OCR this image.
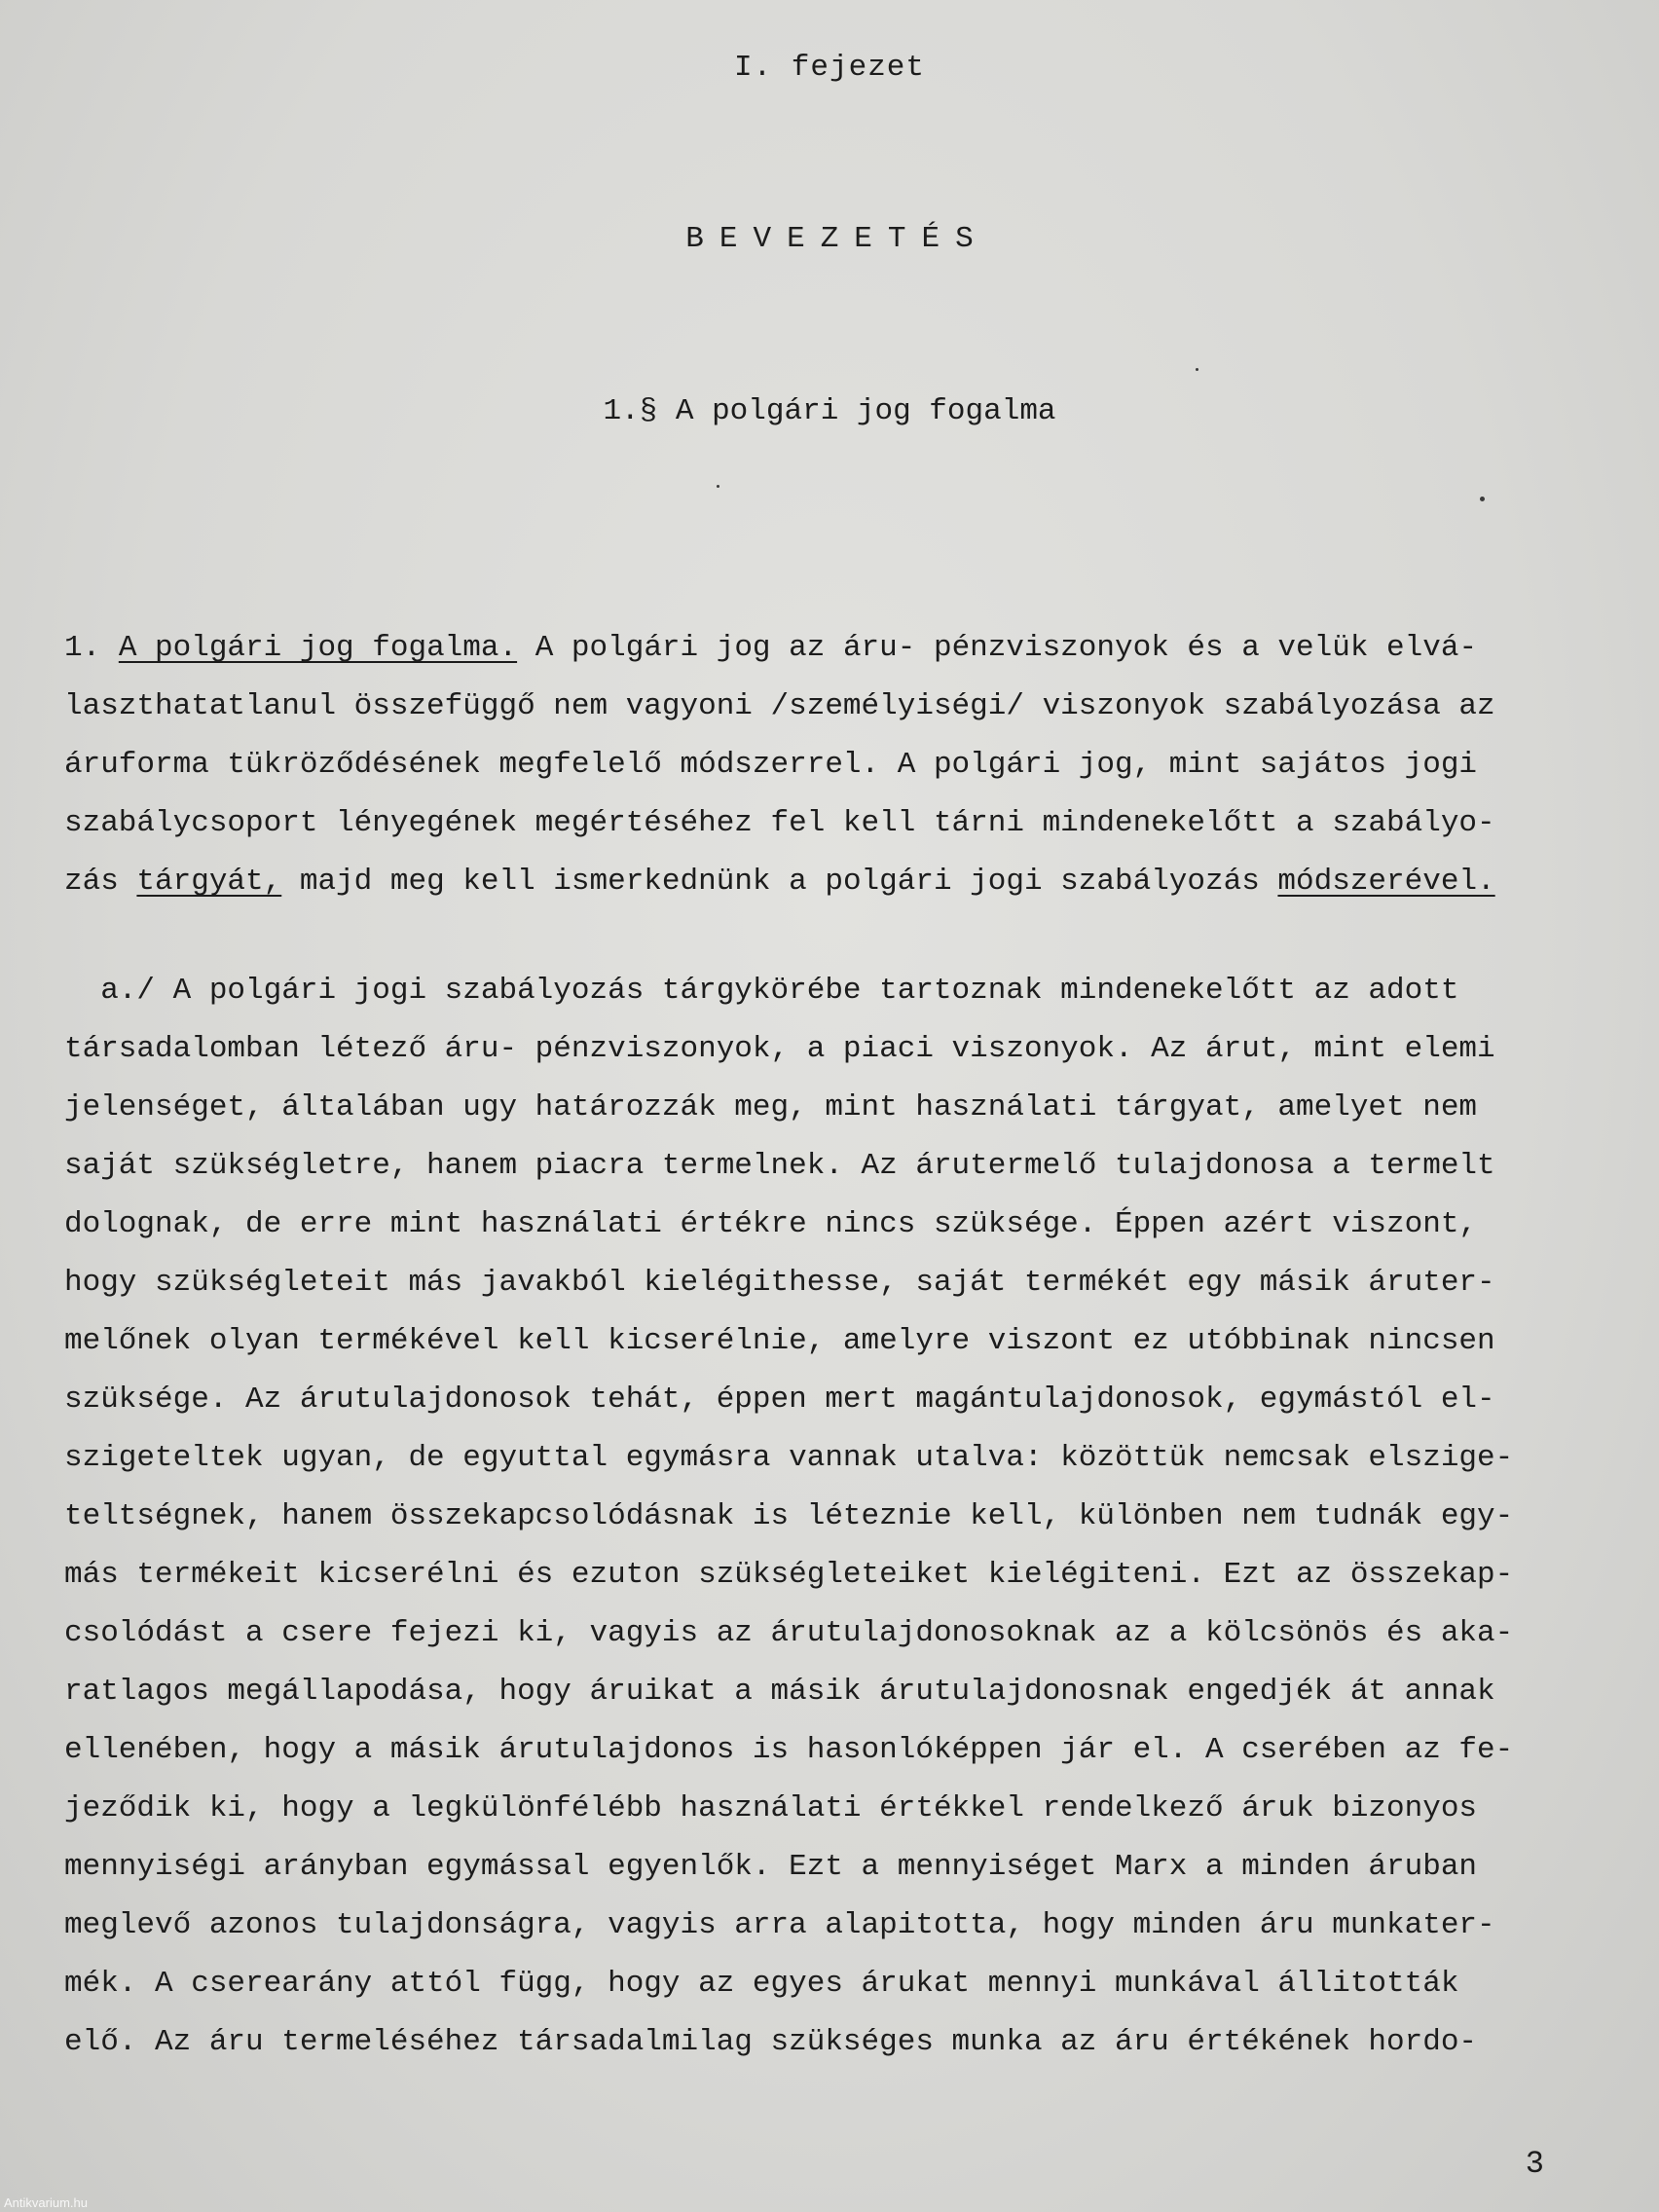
I. fejezet
BEVEZETÉS
1.§ A polgári jog fogalma
1. A polgári jog fogalma. A polgári jog az áru- pénzviszonyok és a velük elvá-
laszthatatlanul összefüggő nem vagyoni /személyiségi/ viszonyok szabályozása az
áruforma tükröződésének megfelelő módszerrel. A polgári jog, mint sajátos jogi
szabálycsoport lényegének megértéséhez fel kell tárni mindenekelőtt a szabályo-
zás tárgyát, majd meg kell ismerkednünk a polgári jogi szabályozás módszerével.
a./ A polgári jogi szabályozás tárgykörébe tartoznak mindenekelőtt az adott
társadalomban létező áru- pénzviszonyok, a piaci viszonyok. Az árut, mint elemi
jelenséget, általában ugy határozzák meg, mint használati tárgyat, amelyet nem
saját szükségletre, hanem piacra termelnek. Az árutermelő tulajdonosa a termelt
dolognak, de erre mint használati értékre nincs szüksége. Éppen azért viszont,
hogy szükségleteit más javakból kielégithesse, saját termékét egy másik áruter-
melőnek olyan termékével kell kicserélnie, amelyre viszont ez utóbbinak nincsen
szüksége. Az árutulajdonosok tehát, éppen mert magántulajdonosok, egymástól el-
szigeteltek ugyan, de egyuttal egymásra vannak utalva: közöttük nemcsak elszige-
teltségnek, hanem összekapcsolódásnak is léteznie kell, különben nem tudnák egy-
más termékeit kicserélni és ezuton szükségleteiket kielégiteni. Ezt az összekap-
csolódást a csere fejezi ki, vagyis az árutulajdonosoknak az a kölcsönös és aka-
ratlagos megállapodása, hogy áruikat a másik árutulajdonosnak engedjék át annak
ellenében, hogy a másik árutulajdonos is hasonlóképpen jár el. A cserében az fe-
jeződik ki, hogy a legkülönfélébb használati értékkel rendelkező áruk bizonyos
mennyiségi arányban egymással egyenlők. Ezt a mennyiséget Marx a minden áruban
meglevő azonos tulajdonságra, vagyis arra alapitotta, hogy minden áru munkater-
mék. A cserearány attól függ, hogy az egyes árukat mennyi munkával állitották
elő. Az áru termeléséhez társadalmilag szükséges munka az áru értékének hordo-
3
Antikvarium.hu
